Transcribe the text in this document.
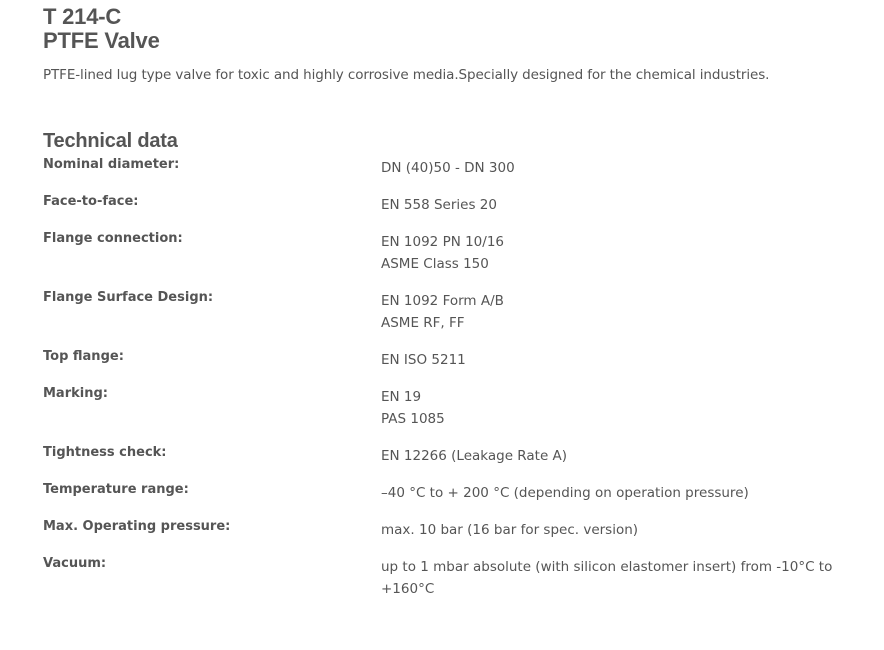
T 214-C
PTFE Valve

PTFE-lined lug type valve for toxic and highly corrosive media.Specially designed for the chemical industries.

Technical data
Nominal diameter:	DN (40)50 - DN 300

Face-to-face:	EN 558 Series 20

Flange connection:	EN 1092 PN 10/16
ASME Class 150

Flange Surface Design:	EN 1092 Form A/B
ASME RF, FF

Top flange:	EN ISO 5211

Marking:	EN 19
PAS 1085

Tightness check:	EN 12266 (Leakage Rate A)

Temperature range:	–40 °C to + 200 °C (depending on operation pressure)

Max. Operating pressure:	max. 10 bar (16 bar for spec. version)

Vacuum:	up to 1 mbar absolute (with silicon elastomer insert) from -10°C to
+160°C
